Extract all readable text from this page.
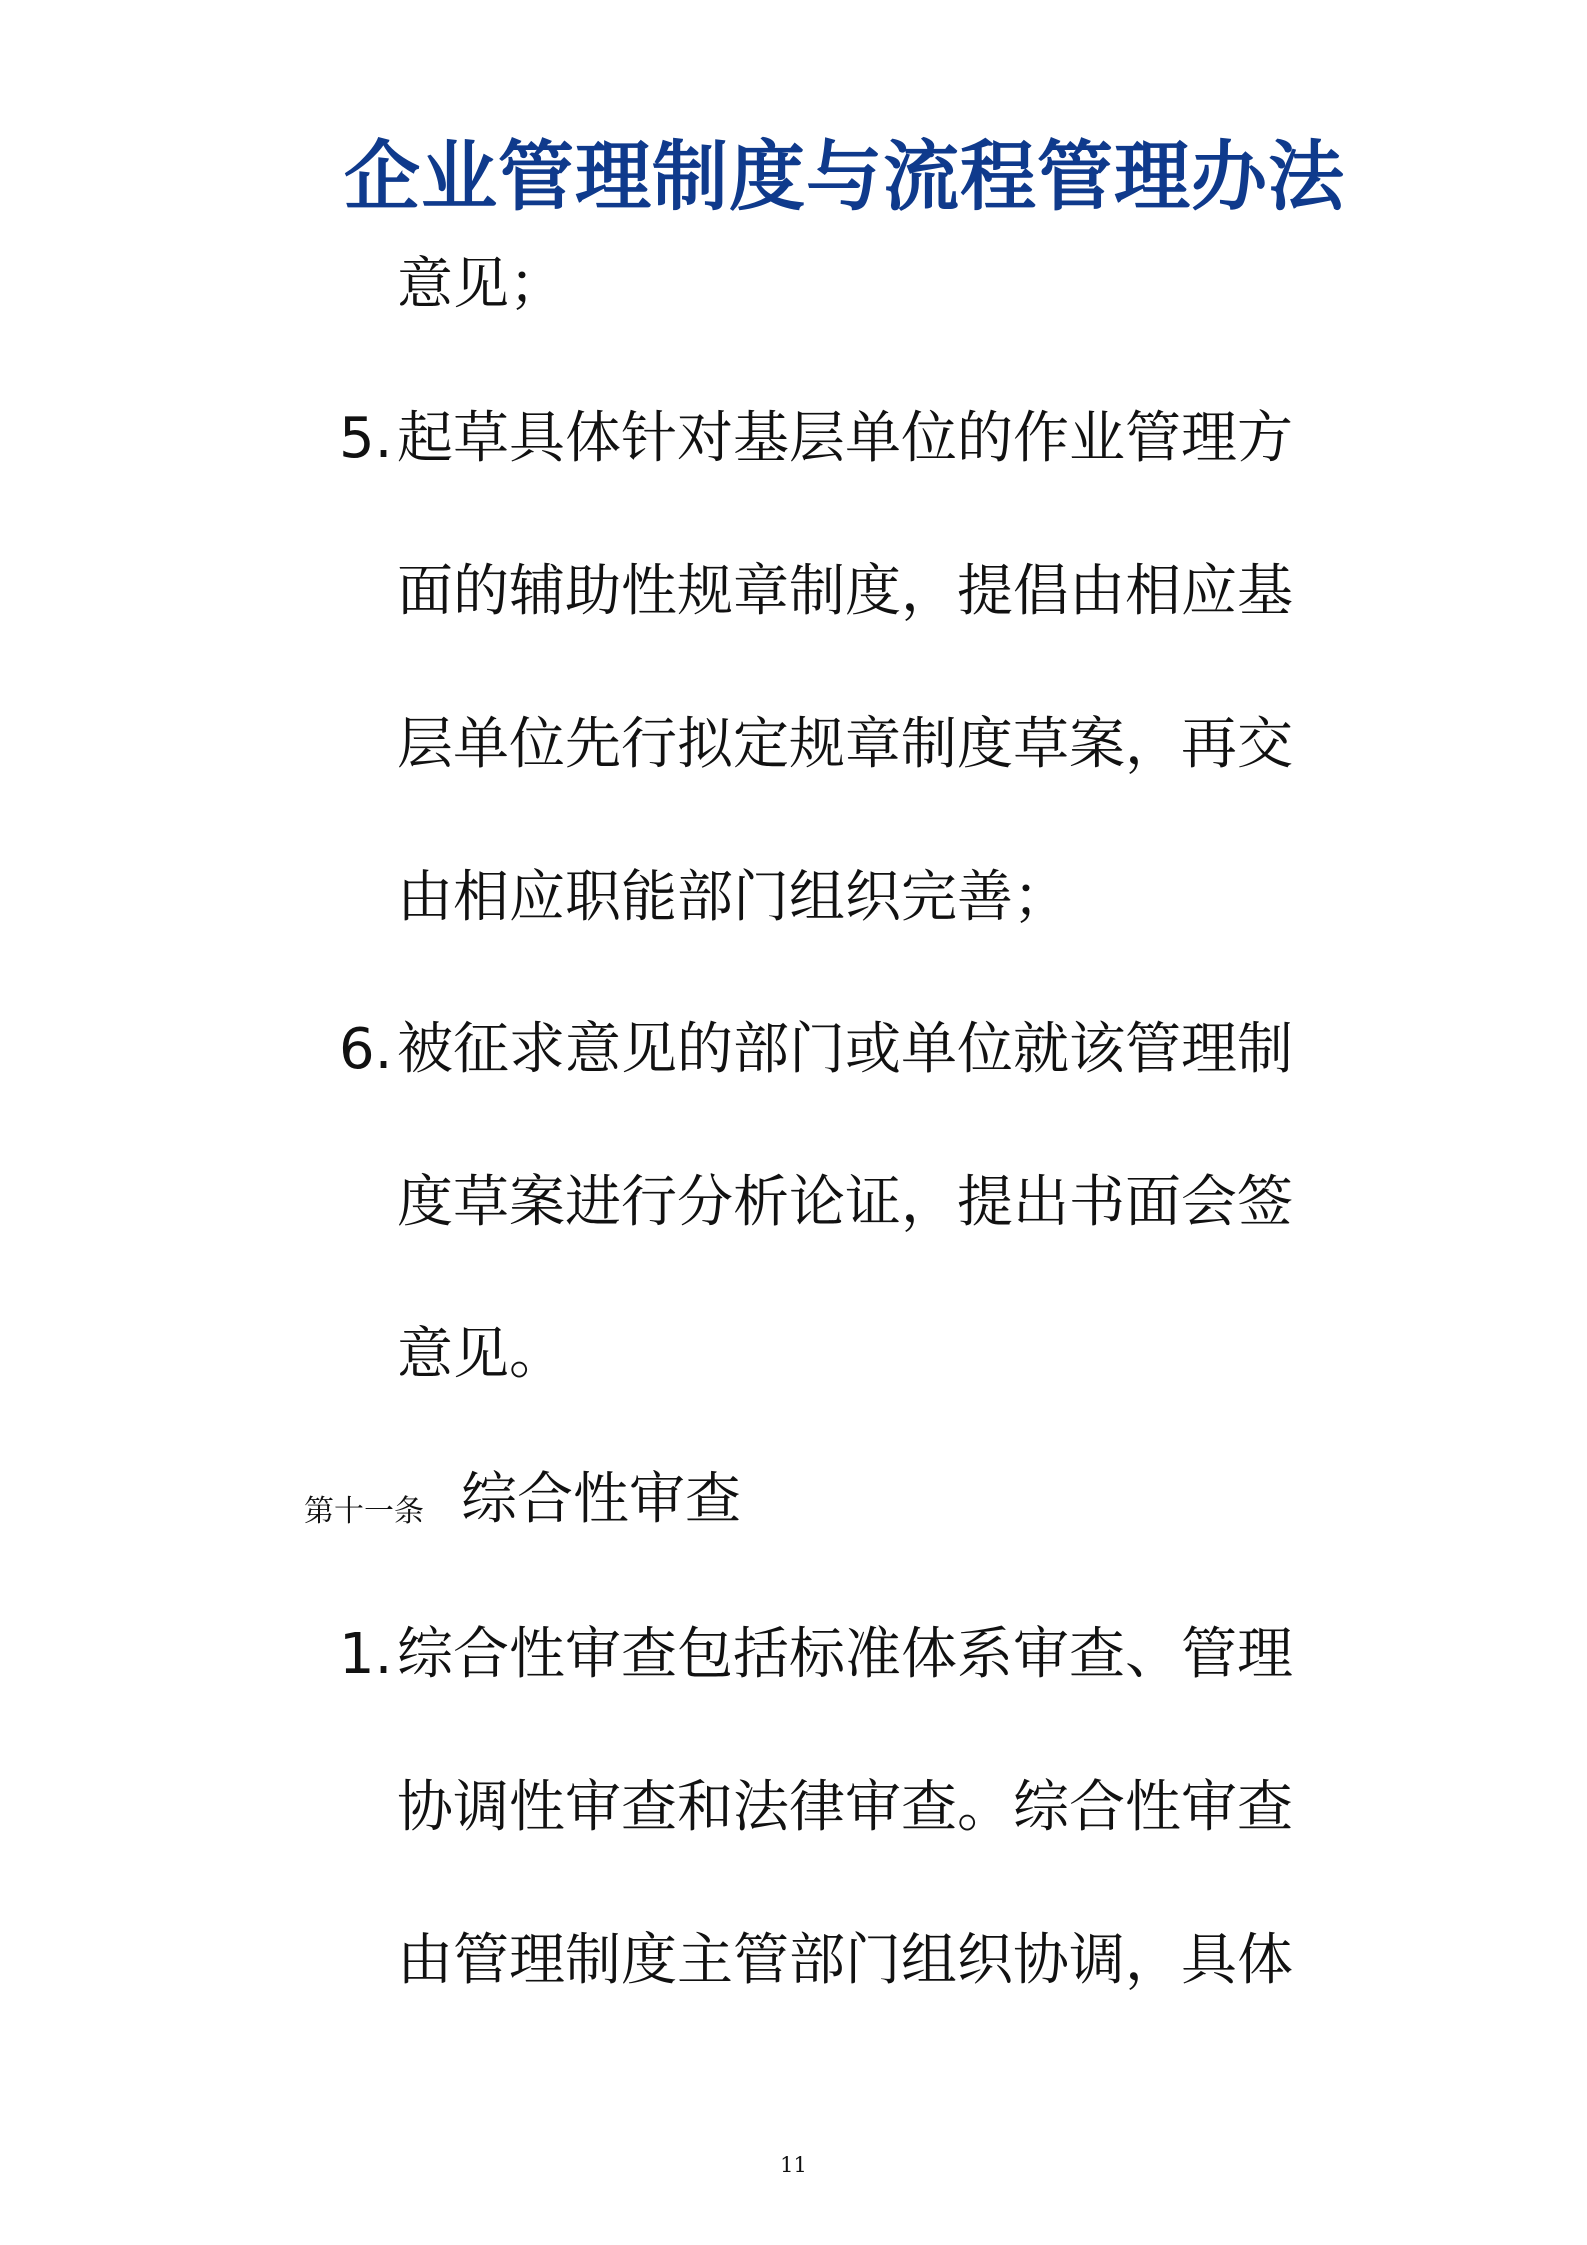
企业管理制度与流程管理办法

意见；

5. 起草具体针对基层单位的作业管理方

面的辅助性规章制度，提倡由相应基

层单位先行拟定规章制度草案，再交

由相应职能部门组织完善；

6. 被征求意见的部门或单位就该管理制

度草案进行分析论证，提出书面会签

意见。

第十一条 综合性审查
1. 综合性审查包括标准体系审查、管理

协调性审查和法律审查。综合性审查

由管理制度主管部门组织协调，具体

11
